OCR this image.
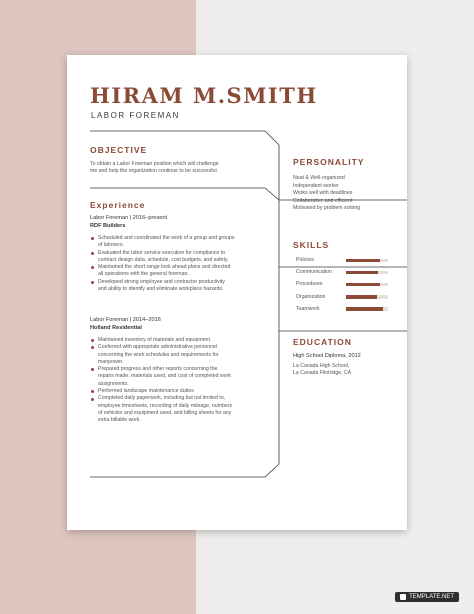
HIRAM M.SMITH
LABOR FOREMAN
OBJECTIVE
To obtain a Labor Foreman position which will challenge
me and help the organization continue to be successful.
Experience
Labor Foreman | 2016–present
RDF Builders
Scheduled and coordinated the work of a group and groups
of laborers.
Evaluated the labor service execution for compliance to
contract design data, schedule, cost budgets, and safety.
Maintained the short range look ahead plans and directed
all operations with the general foreman.
Developed strong employee and contractor productivity
and ability to identify and eliminate workplace hazards.
Labor Foreman | 2014–2016
Holland Residential
Maintained inventory of materials and equipment.
Conferred with appropriate administrative personnel
concerning the work schedules and requirements for
manpower.
Prepared progress and other reports concerning the
repairs made, materials used, and cost of completed work
assignments.
Performed landscape maintenance duties
Completed daily paperwork, including but not limited to,
employee timesheets, recording of daily mileage, numbers
of vehicles and equipment used, and billing sheets for any
extra billable work.
PERSONALITY
Neat & Well-organized
Independent worker
Works well with deadlines
Collaborative and efficient
Motivated by problem solving
SKILLS
Policies
Communication
Procedures
Organization
Teamwork
EDUCATION
High School Diploma, 2012
La Canada High School,
La Canada Flintridge, CA
TEMPLATE.NET
